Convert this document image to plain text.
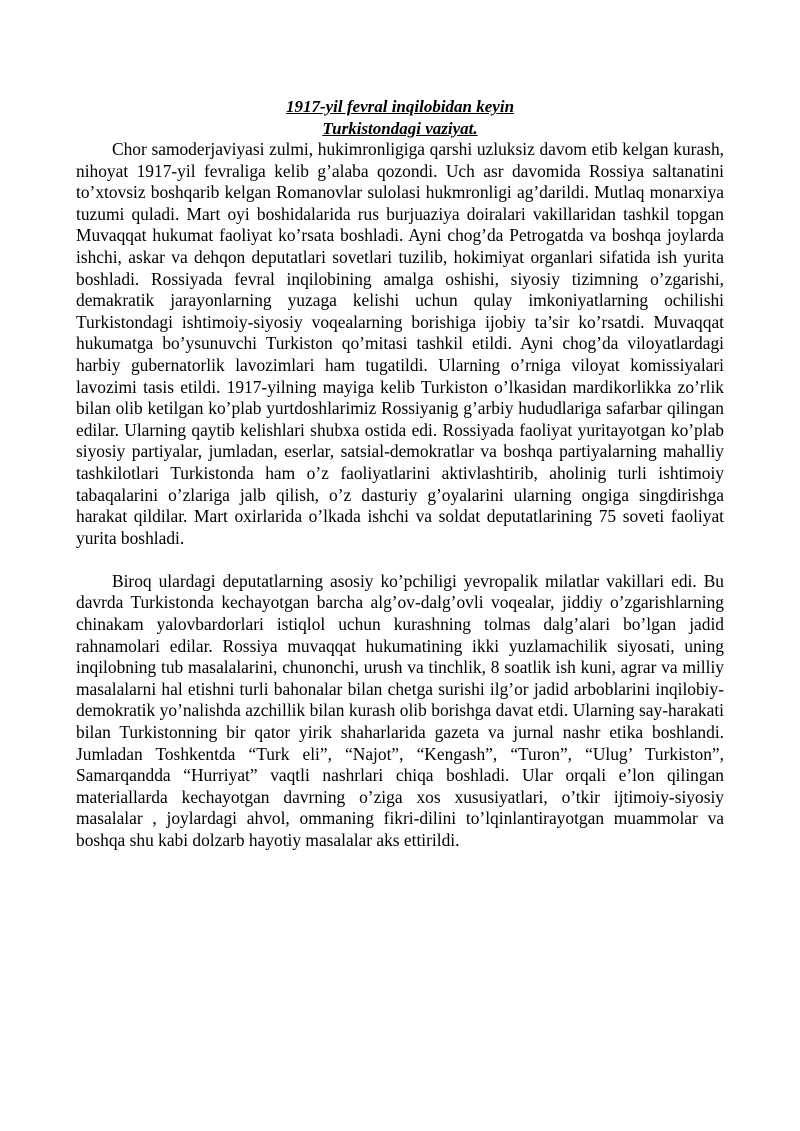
1917-yil fevral inqilobidan keyin
Turkistondagi vaziyat.

Chor samoderjaviyasi zulmi, hukimronligiga qarshi uzluksiz davom etib kelgan kurash, nihoyat 1917-yil fevraliga kelib g’alaba qozondi. Uch asr davomida Rossiya saltanatini to’xtovsiz boshqarib kelgan Romanovlar sulolasi hukmronligi ag’darildi. Mutlaq monarxiya tuzumi quladi. Mart oyi boshidalarida rus burjuaziya doiralari vakillaridan tashkil topgan Muvaqqat hukumat faoliyat ko’rsata boshladi. Ayni chog’da Petrogatda va boshqa joylarda ishchi, askar va dehqon deputatlari sovetlari tuzilib, hokimiyat organlari sifatida ish yurita boshladi. Rossiyada fevral inqilobining amalga oshishi, siyosiy tizimning o’zgarishi, demakratik jarayonlarning yuzaga kelishi uchun qulay imkoniyatlarning ochilishi Turkistondagi ishtimoiy-siyosiy voqealarning borishiga ijobiy ta’sir ko’rsatdi. Muvaqqat hukumatga bo’ysunuvchi Turkiston qo’mitasi tashkil etildi. Ayni chog’da viloyatlardagi harbiy gubernatorlik lavozimlari ham tugatildi. Ularning o’rniga viloyat komissiyalari lavozimi tasis etildi. 1917-yilning mayiga kelib Turkiston o’lkasidan mardikorlikka zo’rlik bilan olib ketilgan ko’plab yurtdoshlarimiz Rossiyanig g’arbiy hududlariga safarbar qilingan edilar. Ularning qaytib kelishlari shubxa ostida edi. Rossiyada faoliyat yuritayotgan ko’plab siyosiy partiyalar, jumladan, eserlar, satsial-demokratlar va boshqa partiyalarning mahalliy tashkilotlari Turkistonda ham o’z faoliyatlarini aktivlashtirib, aholinig turli ishtimoiy tabaqalarini o’zlariga jalb qilish, o’z dasturiy g’oyalarini ularning ongiga singdirishga harakat qildilar. Mart oxirlarida o’lkada ishchi va soldat deputatlarining 75 soveti faoliyat yurita boshladi.

Biroq ulardagi deputatlarning asosiy ko’pchiligi yevropalik milatlar vakillari edi. Bu davrda Turkistonda kechayotgan barcha alg’ov-dalg’ovli voqealar, jiddiy o’zgarishlarning chinakam yalovbardorlari istiqlol uchun kurashning tolmas dalg’alari bo’lgan jadid rahnamolari edilar. Rossiya muvaqqat hukumatining ikki yuzlamachilik siyosati, uning inqilobning tub masalalarini, chunonchi, urush va tinchlik, 8 soatlik ish kuni, agrar va milliy masalalarni hal etishni turli bahonalar bilan chetga surishi ilg’or jadid arboblarini inqilobiy-demokratik yo’nalishda azchillik bilan kurash olib borishga davat etdi. Ularning say-harakati bilan Turkistonning bir qator yirik shaharlarida gazeta va jurnal nashr etika boshlandi. Jumladan Toshkentda “Turk eli”, “Najot”, “Kengash”, “Turon”, “Ulug’ Turkiston”, Samarqandda “Hurriyat” vaqtli nashrlari chiqa boshladi. Ular orqali e’lon qilingan materiallarda kechayotgan davrning o’ziga xos xususiyatlari, o’tkir ijtimoiy-siyosiy masalalar , joylardagi ahvol, ommaning fikri-dilini to’lqinlantirayotgan muammolar va boshqa shu kabi dolzarb hayotiy masalalar aks ettirildi.
